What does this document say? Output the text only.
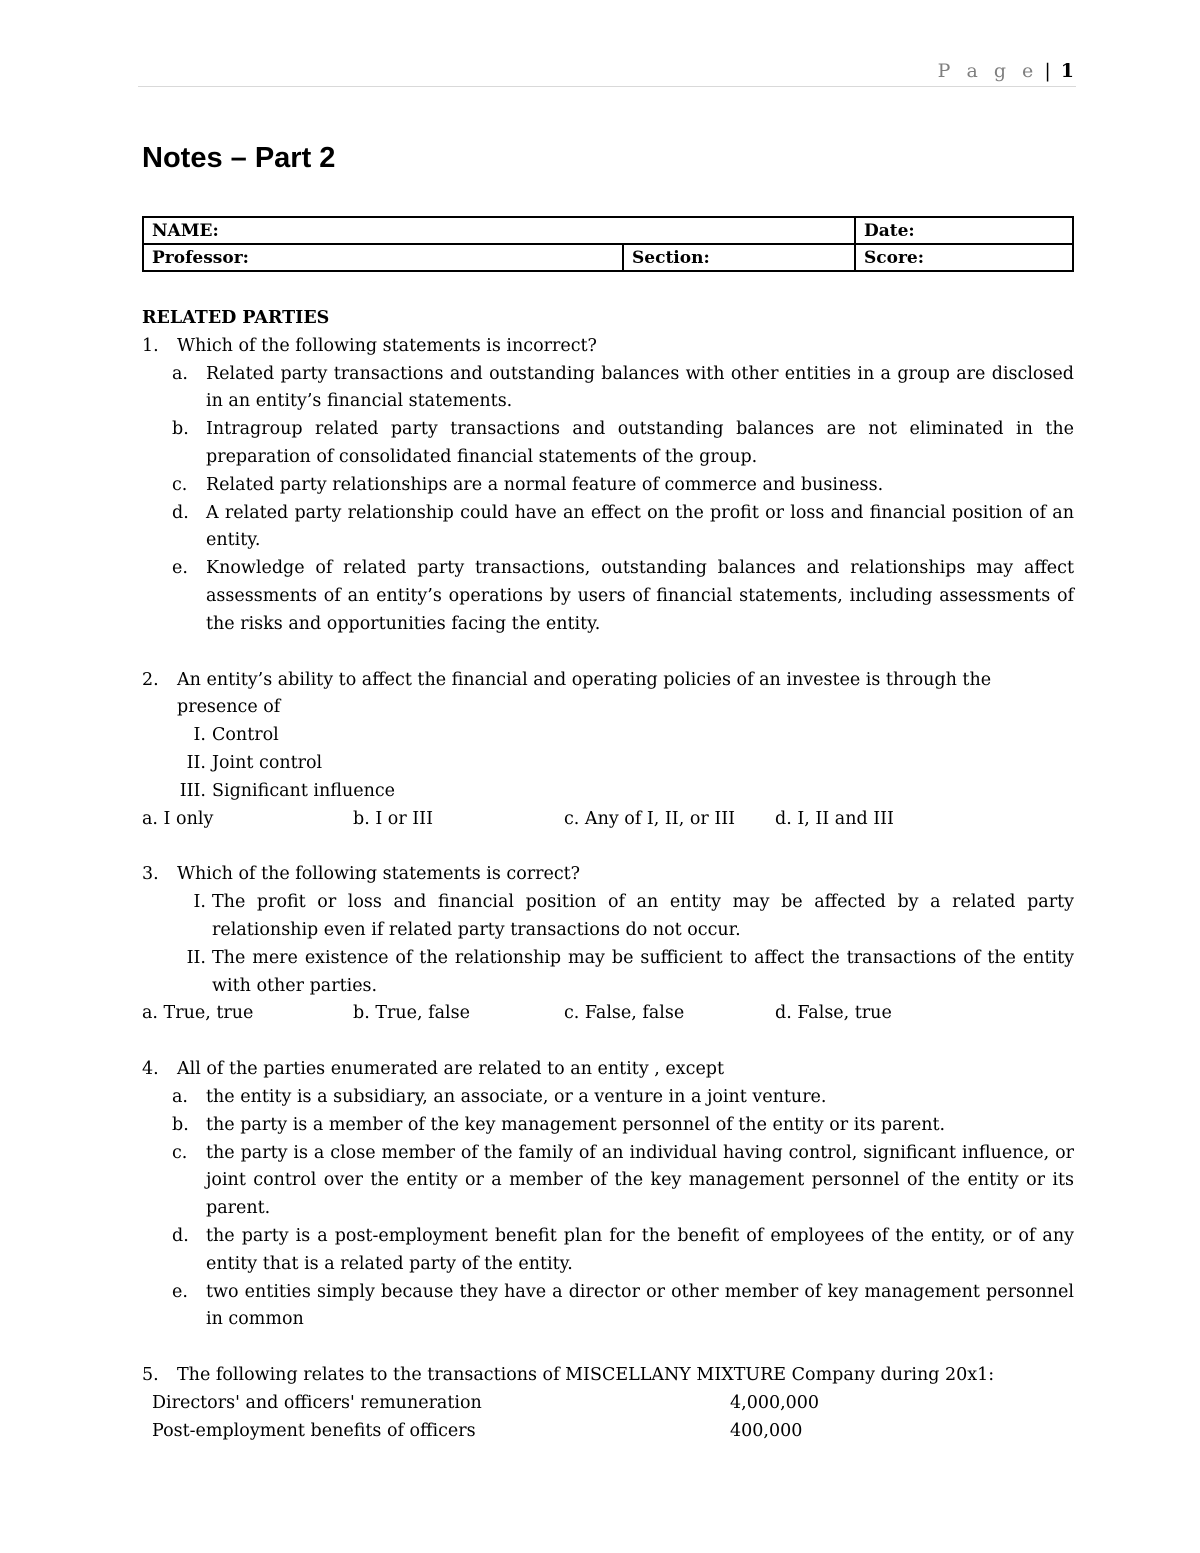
P a g e | 1
Notes – Part 2
NAME:		Date:
Professor:	Section:	Score:
RELATED PARTIES
1.	Which of the following statements is incorrect?
a.	Related party transactions and outstanding balances with other entities in a group are disclosed in an entity’s financial statements.
b. Intragroup related party transactions and outstanding balances are not eliminated in the preparation of consolidated financial statements of the group.
c.	Related party relationships are a normal feature of commerce and business.
d. A related party relationship could have an effect on the profit or loss and financial position of an entity.
e.	Knowledge of related party transactions, outstanding balances and relationships may affect assessments of an entity’s operations by users of financial statements, including assessments of the risks and opportunities facing the entity.
2.	An entity’s ability to affect the financial and operating policies of an investee is through the presence of
I. Control
II. Joint control
III. Significant influence
a. I only	b. I or III	c. Any of I, II, or III	d. I, II and III
3.	Which of the following statements is correct?
I. The profit or loss and financial position of an entity may be affected by a related party relationship even if related party transactions do not occur.
II. The mere existence of the relationship may be sufficient to affect the transactions of the entity with other parties.
a. True, true	b. True, false	c. False, false	d. False, true
4.	All of the parties enumerated are related to an entity , except
a.	the entity is a subsidiary, an associate, or a venture in a joint venture.
b. the party is a member of the key management personnel of the entity or its parent.
c.	the party is a close member of the family of an individual having control, significant influence, or joint control over the entity or a member of the key management personnel of the entity or its parent.
d. the party is a post-employment benefit plan for the benefit of employees of the entity, or of any entity that is a related party of the entity.
e.	two entities simply because they have a director or other member of key management personnel in common
5.	The following relates to the transactions of MISCELLANY MIXTURE Company during 20x1:
Directors' and officers' remuneration	4,000,000
Post-employment benefits of officers	400,000
